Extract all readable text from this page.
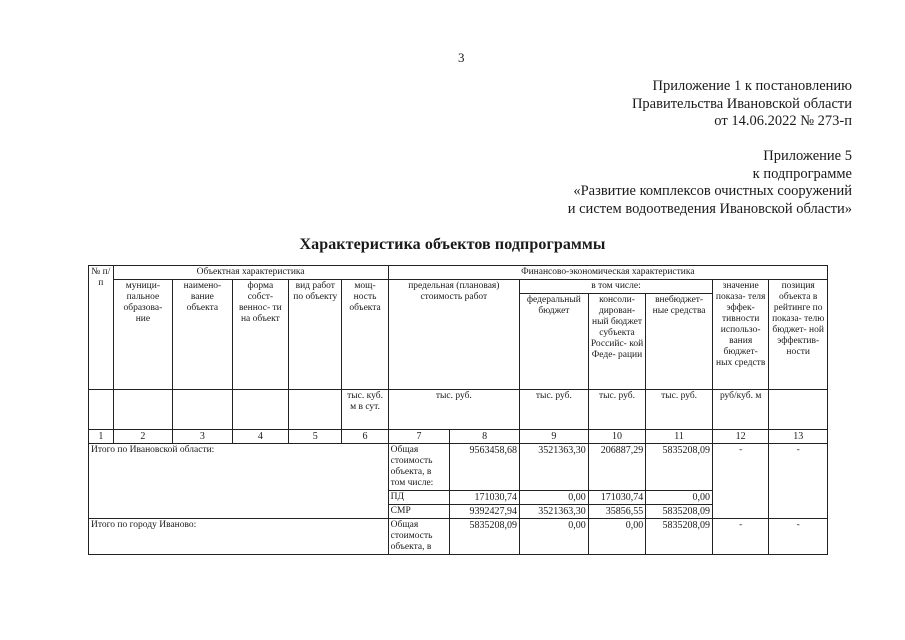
3
Приложение 1 к постановлению
Правительства Ивановской области
от 14.06.2022 № 273-п
Приложение 5
к подпрограмме
«Развитие комплексов очистных сооружений
и систем водоотведения Ивановской области»
Характеристика объектов подпрограммы
№ п/п	Объектная характеристика					Финансово-экономическая характеристика						
	муници- пальное образова- ние	наимено- вание объекта	форма собст- веннос- ти на объект	вид работ по объекту	мощ- ность объекта	предельная (плановая) стоимость работ		в том числе:			значение показа- теля эффек- тивности использо- вания бюджет- ных средств	позиция объекта в рейтинге по показа- телю бюджет- ной эффектив- ности
								федеральный бюджет	консоли- дирован- ный бюджет субъекта Российс- кой Феде- рации	внебюджет- ные средства		
					тыс. куб. м в сут.	тыс. руб.		тыс. руб.	тыс. руб.	тыс. руб.	руб/куб. м	
1	2	3	4	5	6	7	8	9	10	11	12	13
Итого по Ивановской области:						Общая стоимость объекта, в том числе:	9563458,68	3521363,30	206887,29	5835208,09	-	-
						ПД	171030,74	0,00	171030,74	0,00		
						СМР	9392427,94	3521363,30	35856,55	5835208,09		
Итого по городу Иваново:						Общая стоимость объекта, в	5835208,09	0,00	0,00	5835208,09	-	-
